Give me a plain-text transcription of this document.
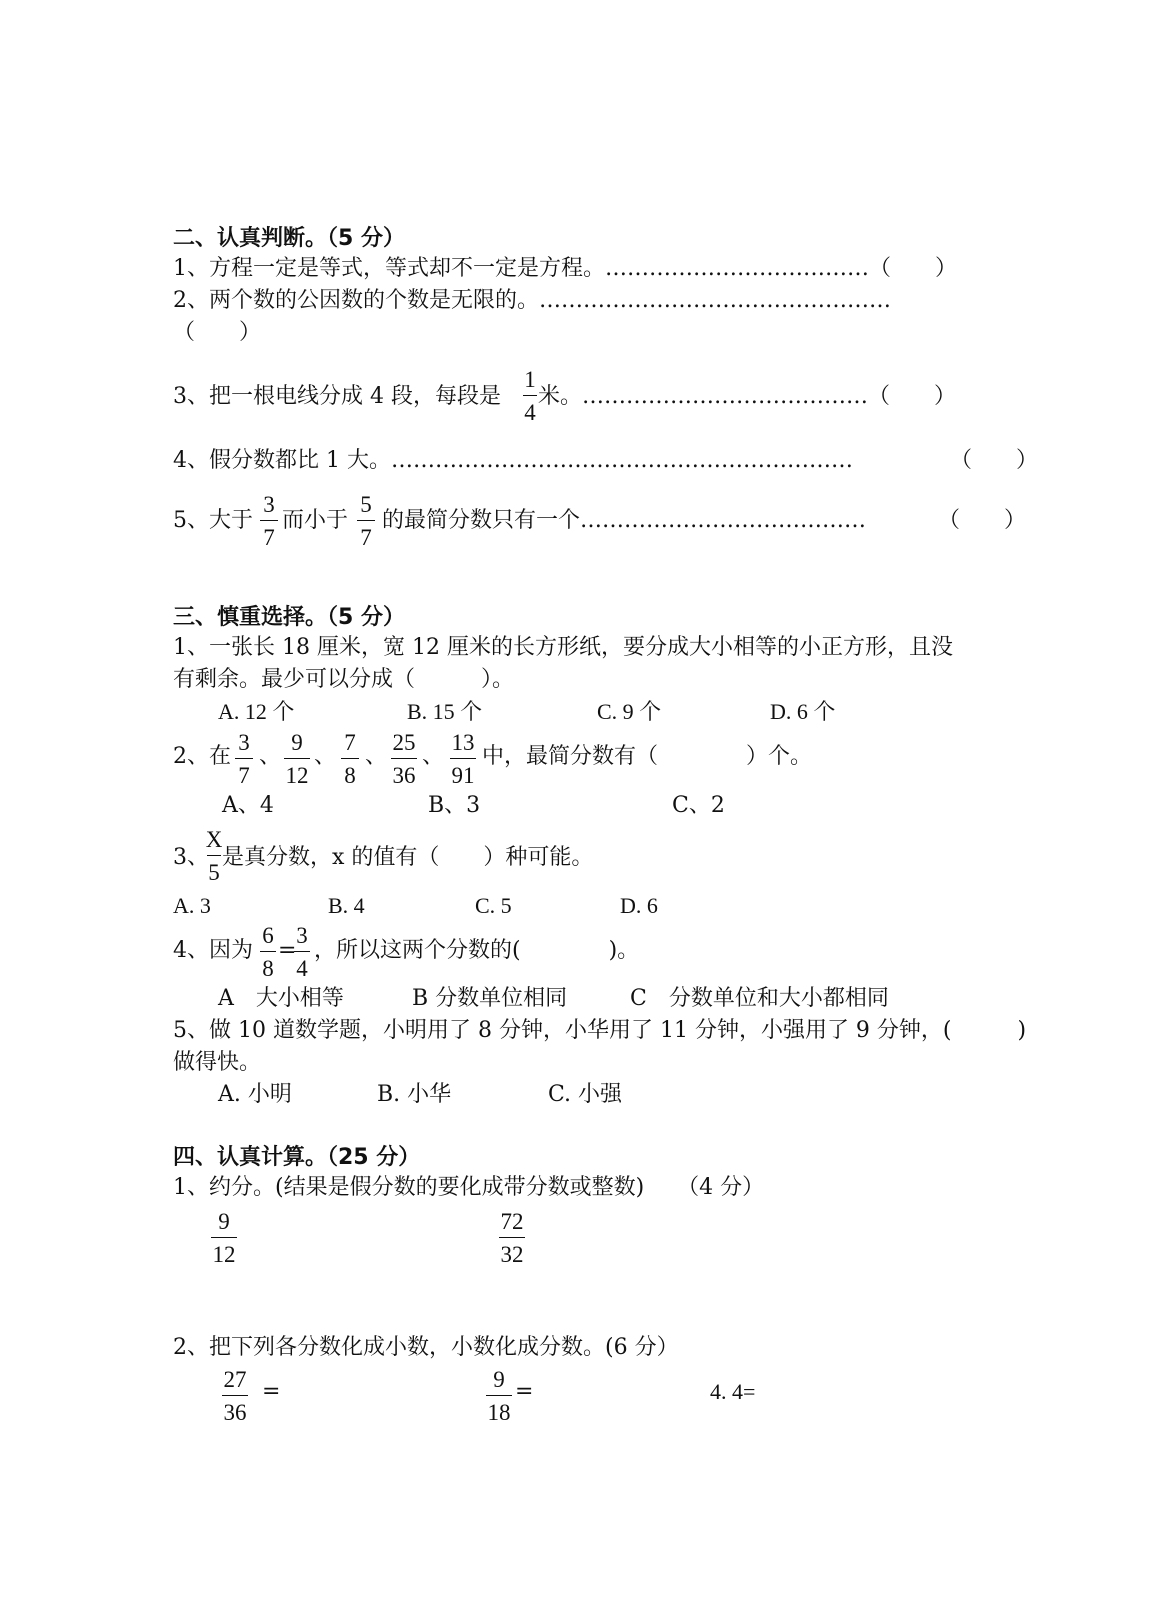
二、认真判断。（5 分）
1、方程一定是等式，等式却不一定是方程。………………………………（　　）
2、两个数的公因数的个数是无限的。…………………………………………
（　　）
3、把一根电线分成 4 段，每段是
1
4
米。…………………………………（　　）
4、假分数都比 1 大。………………………………………………………	（　　）
5、大于
3
7
而小于
5
7
的最简分数只有一个…………………………………	（　　）
三、慎重选择。（5 分）
1、一张长 18 厘米，宽 12 厘米的长方形纸，要分成大小相等的小正方形，且没
有剩余。最少可以分成（　　　）。
A. 12 个	B. 15 个	C. 9 个	D. 6 个
2、在
3
7
、
9
12
、
7
8
、
25
36
、
13
91
中，最简分数有（　　　　）个。
A、4	B、3	C、2
3、
X
5
是真分数，x 的值有（　　）种可能。
A. 3	B. 4	C. 5	D. 6
4、因为
6
8
=
3
4
，所以这两个分数的(　　　　)。
A　大小相等	B 分数单位相同	C　分数单位和大小都相同
5、做 10 道数学题，小明用了 8 分钟，小华用了 11 分钟，小强用了 9 分钟，(　　　)
做得快。
A. 小明	B. 小华	C. 小强
四、认真计算。（25 分）
1、约分。(结果是假分数的要化成带分数或整数)　　（4 分）
9
12
72
32
2、把下列各分数化成小数，小数化成分数。(6 分）
27
36
=	9
18
=	4. 4=
